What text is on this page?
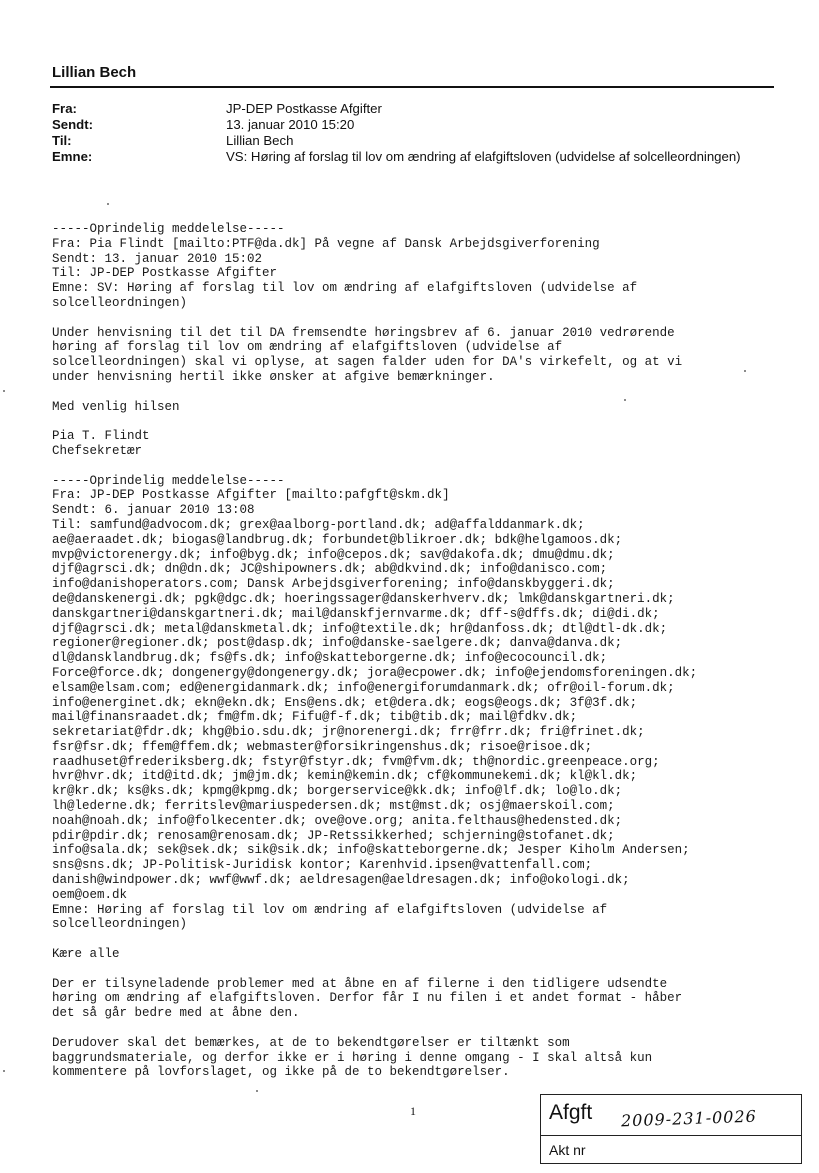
Lillian Bech
Fra:	JP-DEP Postkasse Afgifter
Sendt:	13. januar 2010 15:20
Til:	Lillian Bech
Emne:	VS: Høring af forslag til lov om ændring af elafgiftsloven (udvidelse af solcelleordningen)
-----Oprindelig meddelelse-----
Fra: Pia Flindt [mailto:PTF@da.dk] På vegne af Dansk Arbejdsgiverforening
Sendt: 13. januar 2010 15:02
Til: JP-DEP Postkasse Afgifter
Emne: SV: Høring af forslag til lov om ændring af elafgiftsloven (udvidelse af
solcelleordningen)

Under henvisning til det til DA fremsendte høringsbrev af 6. januar 2010 vedrørende
høring af forslag til lov om ændring af elafgiftsloven (udvidelse af
solcelleordningen) skal vi oplyse, at sagen falder uden for DA's virkefelt, og at vi
under henvisning hertil ikke ønsker at afgive bemærkninger.

Med venlig hilsen

Pia T. Flindt
Chefsekretær

-----Oprindelig meddelelse-----
Fra: JP-DEP Postkasse Afgifter [mailto:pafgft@skm.dk]
Sendt: 6. januar 2010 13:08
Til: samfund@advocom.dk; grex@aalborg-portland.dk; ad@affalddanmark.dk;
ae@aeraadet.dk; biogas@landbrug.dk; forbundet@blikroer.dk; bdk@helgamoos.dk;
mvp@victorenergy.dk; info@byg.dk; info@cepos.dk; sav@dakofa.dk; dmu@dmu.dk;
djf@agrsci.dk; dn@dn.dk; JC@shipowners.dk; ab@dkvind.dk; info@danisco.com;
info@danishoperators.com; Dansk Arbejdsgiverforening; info@danskbyggeri.dk;
de@danskenergi.dk; pgk@dgc.dk; hoeringssager@danskerhverv.dk; lmk@danskgartneri.dk;
danskgartneri@danskgartneri.dk; mail@danskfjernvarme.dk; dff-s@dffs.dk; di@di.dk;
djf@agrsci.dk; metal@danskmetal.dk; info@textile.dk; hr@danfoss.dk; dtl@dtl-dk.dk;
regioner@regioner.dk; post@dasp.dk; info@danske-saelgere.dk; danva@danva.dk;
dl@dansklandbrug.dk; fs@fs.dk; info@skatteborgerne.dk; info@ecocouncil.dk;
Force@force.dk; dongenergy@dongenergy.dk; jora@ecpower.dk; info@ejendomsforeningen.dk;
elsam@elsam.com; ed@energidanmark.dk; info@energiforumdanmark.dk; ofr@oil-forum.dk;
info@energinet.dk; ekn@ekn.dk; Ens@ens.dk; et@dera.dk; eogs@eogs.dk; 3f@3f.dk;
mail@finansraadet.dk; fm@fm.dk; Fifu@f-f.dk; tib@tib.dk; mail@fdkv.dk;
sekretariat@fdr.dk; khg@bio.sdu.dk; jr@norenergi.dk; frr@frr.dk; fri@frinet.dk;
fsr@fsr.dk; ffem@ffem.dk; webmaster@forsikringenshus.dk; risoe@risoe.dk;
raadhuset@frederiksberg.dk; fstyr@fstyr.dk; fvm@fvm.dk; th@nordic.greenpeace.org;
hvr@hvr.dk; itd@itd.dk; jm@jm.dk; kemin@kemin.dk; cf@kommunekemi.dk; kl@kl.dk;
kr@kr.dk; ks@ks.dk; kpmg@kpmg.dk; borgerservice@kk.dk; info@lf.dk; lo@lo.dk;
lh@lederne.dk; ferritslev@mariuspedersen.dk; mst@mst.dk; osj@maerskoil.com;
noah@noah.dk; info@folkecenter.dk; ove@ove.org; anita.felthaus@hedensted.dk;
pdir@pdir.dk; renosam@renosam.dk; JP-Retssikkerhed; schjerning@stofanet.dk;
info@sala.dk; sek@sek.dk; sik@sik.dk; info@skatteborgerne.dk; Jesper Kiholm Andersen;
sns@sns.dk; JP-Politisk-Juridisk kontor; Karenhvid.ipsen@vattenfall.com;
danish@windpower.dk; wwf@wwf.dk; aeldresagen@aeldresagen.dk; info@okologi.dk;
oem@oem.dk
Emne: Høring af forslag til lov om ændring af elafgiftsloven (udvidelse af
solcelleordningen)

Kære alle

Der er tilsyneladende problemer med at åbne en af filerne i den tidligere udsendte
høring om ændring af elafgiftsloven. Derfor får I nu filen i et andet format - håber
det så går bedre med at åbne den.

Derudover skal det bemærkes, at de to bekendtgørelser er tiltænkt som
baggrundsmateriale, og derfor ikke er i høring i denne omgang - I skal altså kun
kommentere på lovforslaget, og ikke på de to bekendtgørelser.
1	Afgft 2009-231-0026
Akt nr
